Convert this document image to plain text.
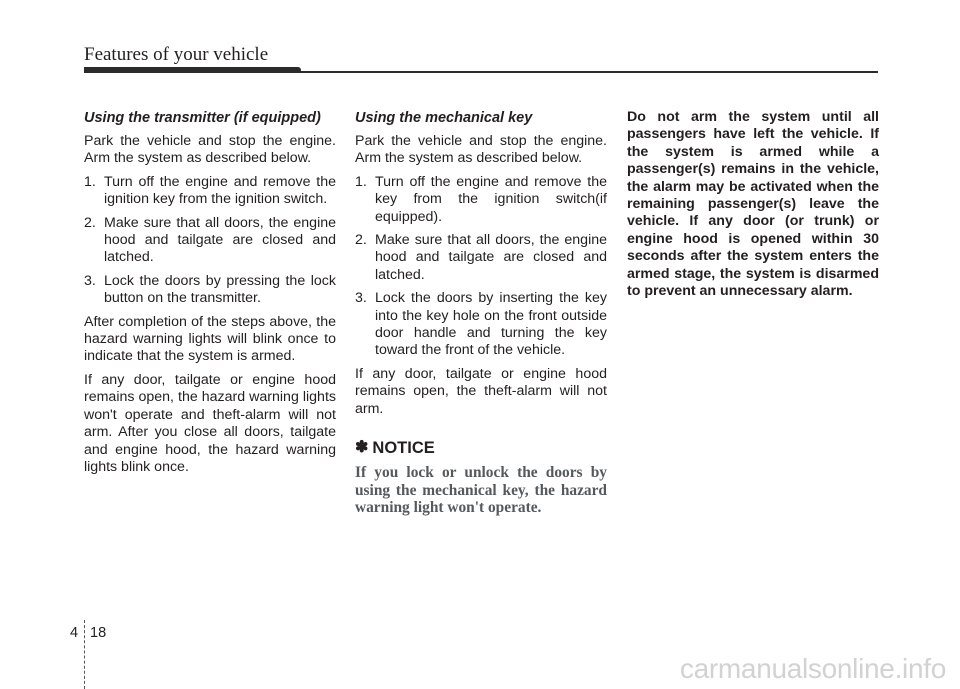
Features of your vehicle
Using the transmitter (if equipped)

Park the vehicle and stop the engine. Arm the system as described below.

1. Turn off the engine and remove the ignition key from the ignition switch.
2. Make sure that all doors, the engine hood and tailgate are closed and latched.
3. Lock the doors by pressing the lock button on the transmitter.

After completion of the steps above, the hazard warning lights will blink once to indicate that the system is armed.

If any door, tailgate or engine hood remains open, the hazard warning lights won't operate and theft-alarm will not arm. After you close all doors, tailgate and engine hood, the hazard warning lights blink once.

Using the mechanical key

Park the vehicle and stop the engine. Arm the system as described below.

1. Turn off the engine and remove the key from the ignition switch(if equipped).
2. Make sure that all doors, the engine hood and tailgate are closed and latched.
3. Lock the doors by inserting the key into the key hole on the front outside door handle and turning the key toward the front of the vehicle.

If any door, tailgate or engine hood remains open, the theft-alarm will not arm.

✽ NOTICE
If you lock or unlock the doors by using the mechanical key, the hazard warning light won't operate.

Do not arm the system until all passengers have left the vehicle. If the system is armed while a passenger(s) remains in the vehicle, the alarm may be activated when the remaining passenger(s) leave the vehicle. If any door (or trunk) or engine hood is opened within 30 seconds after the system enters the armed stage, the system is disarmed to prevent an unnecessary alarm.

4 18
carmanualsonline.info
